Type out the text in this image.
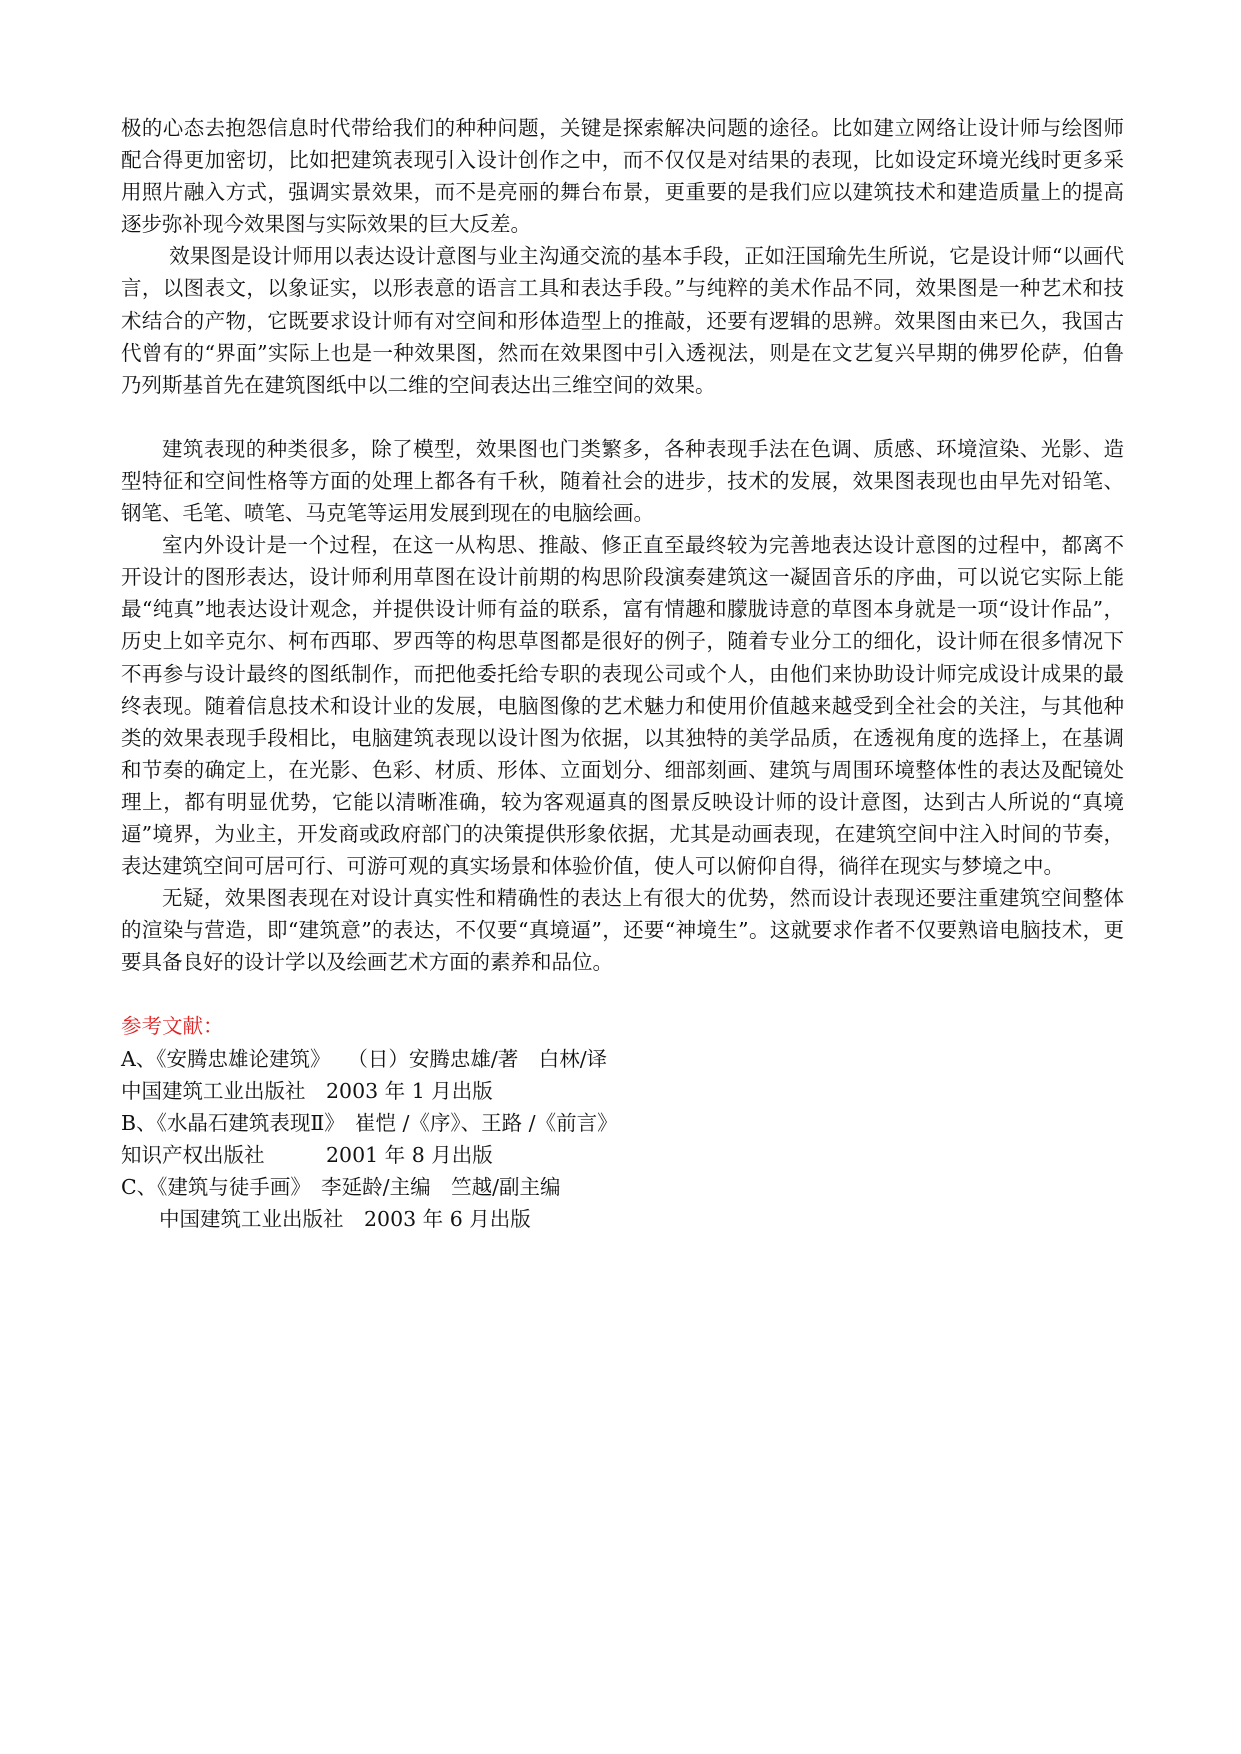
极的心态去抱怨信息时代带给我们的种种问题，关键是探索解决问题的途径。比如建立网络让设计师与绘图师配合得更加密切，比如把建筑表现引入设计创作之中，而不仅仅是对结果的表现，比如设定环境光线时更多采用照片融入方式，强调实景效果，而不是亮丽的舞台布景，更重要的是我们应以建筑技术和建造质量上的提高逐步弥补现今效果图与实际效果的巨大反差。

效果图是设计师用以表达设计意图与业主沟通交流的基本手段，正如汪国瑜先生所说，它是设计师“以画代言，以图表文，以象证实，以形表意的语言工具和表达手段。”与纯粹的美术作品不同，效果图是一种艺术和技术结合的产物，它既要求设计师有对空间和形体造型上的推敲，还要有逻辑的思辨。效果图由来已久，我国古代曾有的“界面”实际上也是一种效果图，然而在效果图中引入透视法，则是在文艺复兴早期的佛罗伦萨，伯鲁乃列斯基首先在建筑图纸中以二维的空间表达出三维空间的效果。

建筑表现的种类很多，除了模型，效果图也门类繁多，各种表现手法在色调、质感、环境渲染、光影、造型特征和空间性格等方面的处理上都各有千秋，随着社会的进步，技术的发展，效果图表现也由早先对铅笔、钢笔、毛笔、喷笔、马克笔等运用发展到现在的电脑绘画。

室内外设计是一个过程，在这一从构思、推敲、修正直至最终较为完善地表达设计意图的过程中，都离不开设计的图形表达，设计师利用草图在设计前期的构思阶段演奏建筑这一凝固音乐的序曲，可以说它实际上能最“纯真”地表达设计观念，并提供设计师有益的联系，富有情趣和朦胧诗意的草图本身就是一项“设计作品”，历史上如辛克尔、柯布西耶、罗西等的构思草图都是很好的例子，随着专业分工的细化，设计师在很多情况下不再参与设计最终的图纸制作，而把他委托给专职的表现公司或个人，由他们来协助设计师完成设计成果的最终表现。随着信息技术和设计业的发展，电脑图像的艺术魅力和使用价值越来越受到全社会的关注，与其他种类的效果表现手段相比，电脑建筑表现以设计图为依据，以其独特的美学品质，在透视角度的选择上，在基调和节奏的确定上，在光影、色彩、材质、形体、立面划分、细部刻画、建筑与周围环境整体性的表达及配镜处理上，都有明显优势，它能以清晰准确，较为客观逼真的图景反映设计师的设计意图，达到古人所说的“真境逼”境界，为业主，开发商或政府部门的决策提供形象依据，尤其是动画表现，在建筑空间中注入时间的节奏，表达建筑空间可居可行、可游可观的真实场景和体验价值，使人可以俯仰自得，徜徉在现实与梦境之中。

无疑，效果图表现在对设计真实性和精确性的表达上有很大的优势，然而设计表现还要注重建筑空间整体的渲染与营造，即“建筑意”的表达，不仅要“真境逼”，还要“神境生”。这就要求作者不仅要熟谙电脑技术，更要具备良好的设计学以及绘画艺术方面的素养和品位。

参考文献：

A、《安腾忠雄论建筑》　 （日）安腾忠雄/著　白林/译

中国建筑工业出版社　2003 年 1 月出版

B、《水晶石建筑表现Ⅱ》　崔恺 /《序》、王路 /《前言》

知识产权出版社　　　2001 年 8 月出版

C、《建筑与徒手画》　李延龄/主编　竺越/副主编

中国建筑工业出版社　2003 年 6 月出版
